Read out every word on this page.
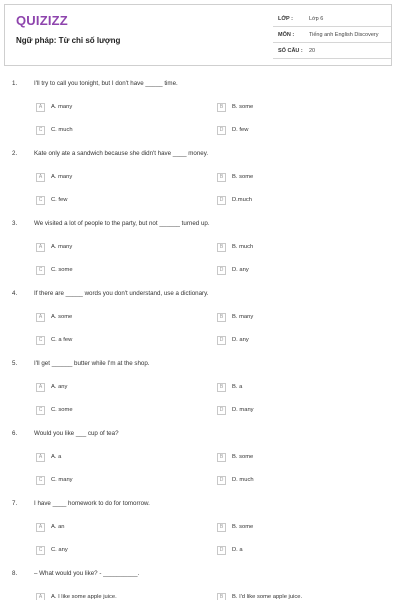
QUIZIZZ
Ngữ pháp: Từ chỉ số lượng
LỚP :	Lớp 6
MÔN :	Tiếng anh English Discovery
SỐ CÂU :	20
1.	I'll try to call you tonight, but I don't have _____ time.
A	A. many	B	B. some
C	C. much	D	D. few
2.	Kate only ate a sandwich because she didn't have ____ money.
A	A. many	B	B. some
C	C. few	D	D.much
3.	We visited a lot of people to the party, but not ______ turned up.
A	A. many	B	B. much
C	C. some	D	D. any
4.	If there are _____ words you don't understand, use a dictionary.
A	A. some	B	B. many
C	C. a few	D	D. any
5.	I'll get ______ butter while I'm at the shop.
A	A. any	B	B. a
C	C. some	D	D. many
6.	Would you like ___ cup of tea?
A	A. a	B	B. some
C	C. many	D	D. much
7.	I have ____ homework to do for tomorrow.
A	A. an	B	B. some
C	C. any	D	D. a
8.	– What would you like? - __________.
A	A. I like some apple juice.	B	B. I'd like some apple juice.
